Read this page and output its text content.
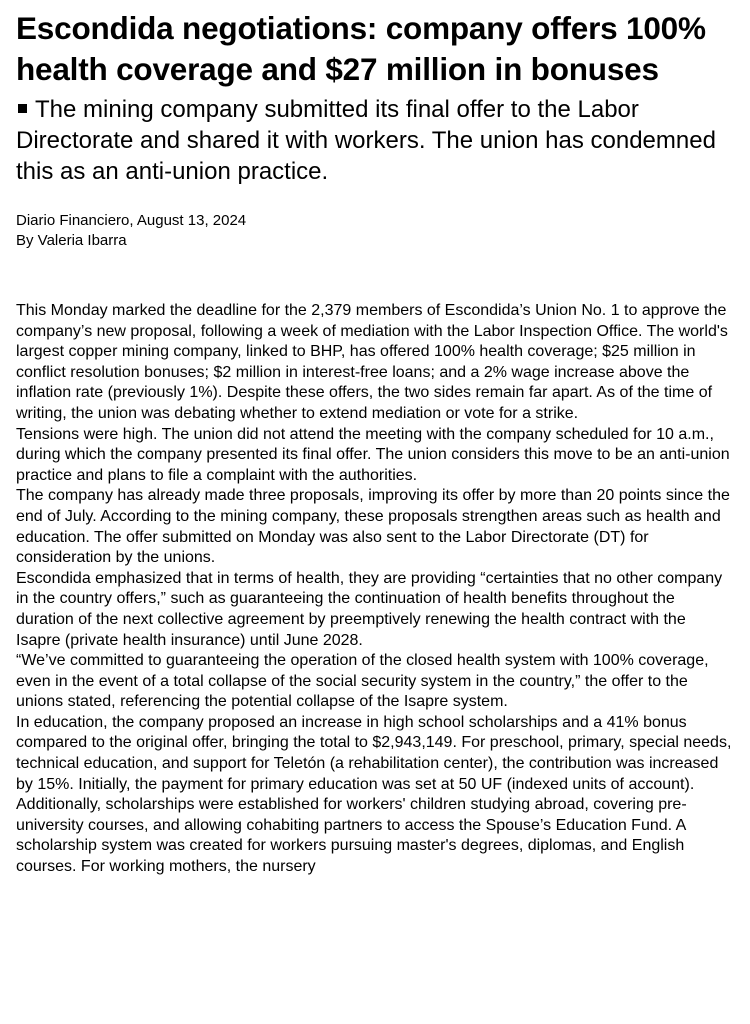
Escondida negotiations: company offers 100% health coverage and $27 million in bonuses
The mining company submitted its final offer to the Labor Directorate and shared it with workers. The union has condemned this as an anti-union practice.
Diario Financiero, August 13, 2024
By Valeria Ibarra

This Monday marked the deadline for the 2,379 members of Escondida’s Union No. 1 to approve the company’s new proposal, following a week of mediation with the Labor Inspection Office. The world's largest copper mining company, linked to BHP, has offered 100% health coverage; $25 million in conflict resolution bonuses; $2 million in interest-free loans; and a 2% wage increase above the inflation rate (previously 1%). Despite these offers, the two sides remain far apart. As of the time of writing, the union was debating whether to extend mediation or vote for a strike.

Tensions were high. The union did not attend the meeting with the company scheduled for 10 a.m., during which the company presented its final offer. The union considers this move to be an anti-union practice and plans to file a complaint with the authorities.

The company has already made three proposals, improving its offer by more than 20 points since the end of July. According to the mining company, these proposals strengthen areas such as health and education. The offer submitted on Monday was also sent to the Labor Directorate (DT) for consideration by the unions.

Escondida emphasized that in terms of health, they are providing “certainties that no other company in the country offers,” such as guaranteeing the continuation of health benefits throughout the duration of the next collective agreement by preemptively renewing the health contract with the Isapre (private health insurance) until June 2028.

“We’ve committed to guaranteeing the operation of the closed health system with 100% coverage, even in the event of a total collapse of the social security system in the country,” the offer to the unions stated, referencing the potential collapse of the Isapre system.

In education, the company proposed an increase in high school scholarships and a 41% bonus compared to the original offer, bringing the total to $2,943,149. For preschool, primary, special needs, technical education, and support for Teletón (a rehabilitation center), the contribution was increased by 15%. Initially, the payment for primary education was set at 50 UF (indexed units of account).

Additionally, scholarships were established for workers' children studying abroad, covering pre-university courses, and allowing cohabiting partners to access the Spouse’s Education Fund. A scholarship system was created for workers pursuing master's degrees, diplomas, and English courses. For working mothers, the nursery
